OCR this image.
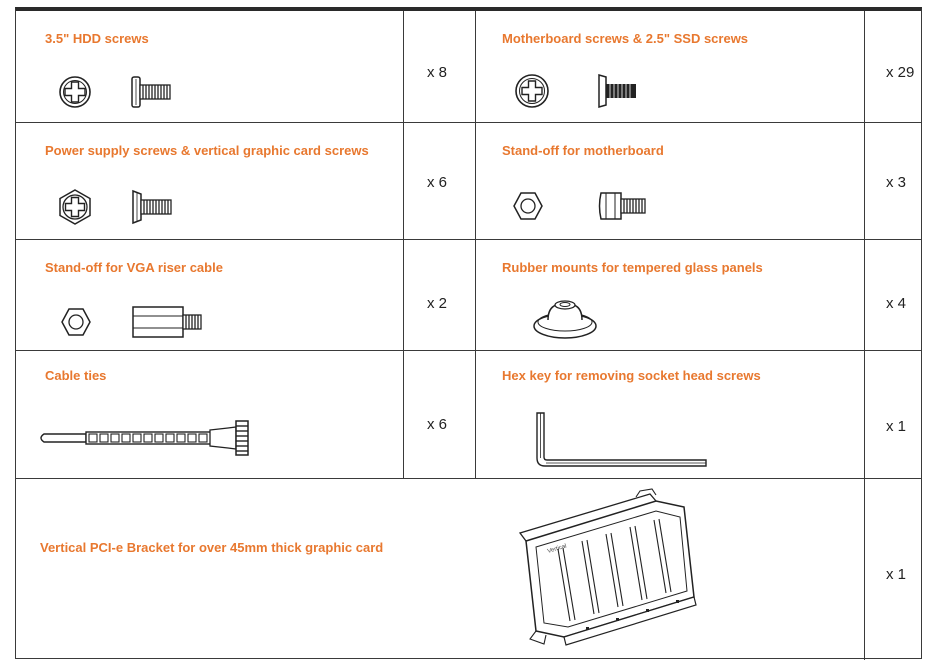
3.5" HDD screws
x 8
Motherboard screws & 2.5" SSD screws
x 29
Power supply screws & vertical graphic card screws
x 6
Stand-off for motherboard
x 3
Stand-off for VGA riser cable
x 2
Rubber mounts for tempered glass panels
x 4
Cable ties
x 6
Hex key for removing socket head screws
x 1
Vertical PCI-e Bracket for over 45mm thick graphic card
x 1
Vertical
